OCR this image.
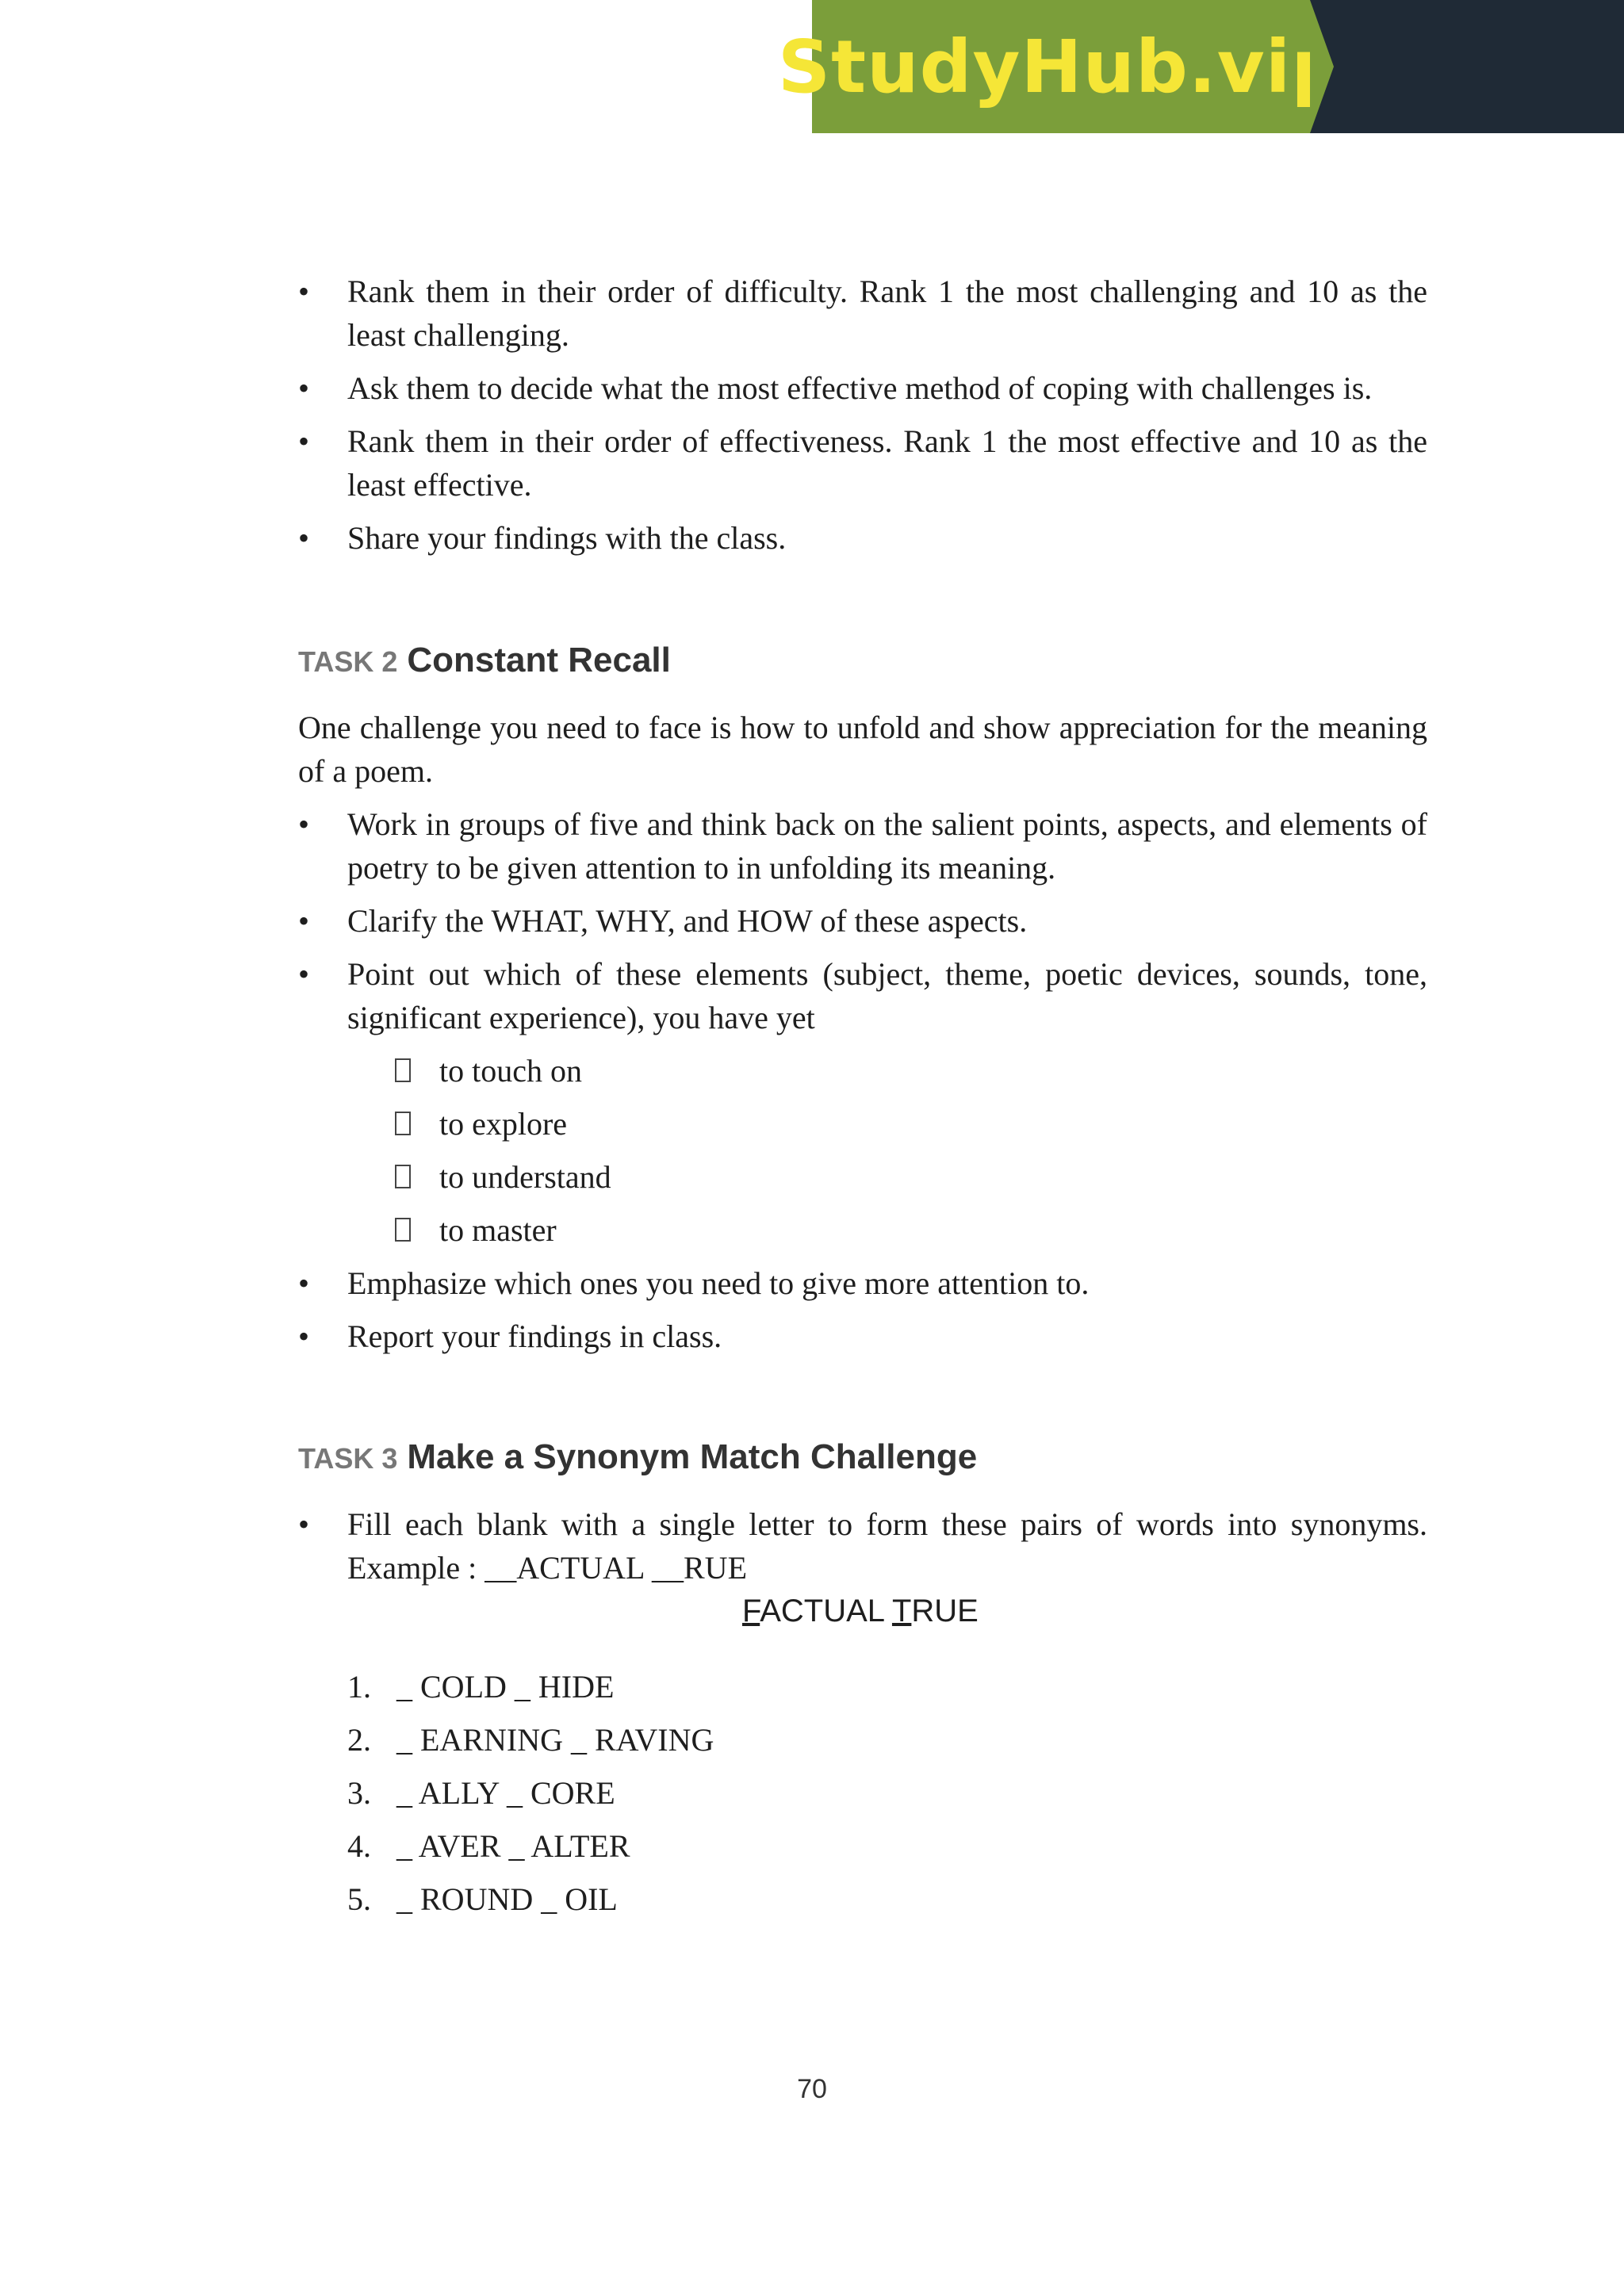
StudyHub.vip
☆ Experienced writers
⊙ On-time delivery
⧉ 100% plagiarism free
• Rank them in their order of difficulty. Rank 1 the most challenging and 10 as the least challenging.
• Ask them to decide what the most effective method of coping with challenges is.
• Rank them in their order of effectiveness. Rank 1 the most effective and 10 as the least effective.
• Share your findings with the class.
TASK 2 Constant Recall

One challenge you need to face is how to unfold and show appreciation for the meaning of a poem.

• Work in groups of five and think back on the salient points, aspects, and elements of poetry to be given attention to in unfolding its meaning.
• Clarify the WHAT, WHY, and HOW of these aspects.
• Point out which of these elements (subject, theme, poetic devices, sounds, tone, significant experience), you have yet
to touch on
to explore
to understand
to master
• Emphasize which ones you need to give more attention to.
• Report your findings in class.
TASK 3 Make a Synonym Match Challenge
• Fill each blank with a single letter to form these pairs of words into synonyms. Example : __ACTUAL __RUE

FACTUAL TRUE

1. _ COLD _ HIDE
2. _ EARNING _ RAVING
3. _ ALLY _ CORE
4. _ AVER _ ALTER
5. _ ROUND _ OIL
70
